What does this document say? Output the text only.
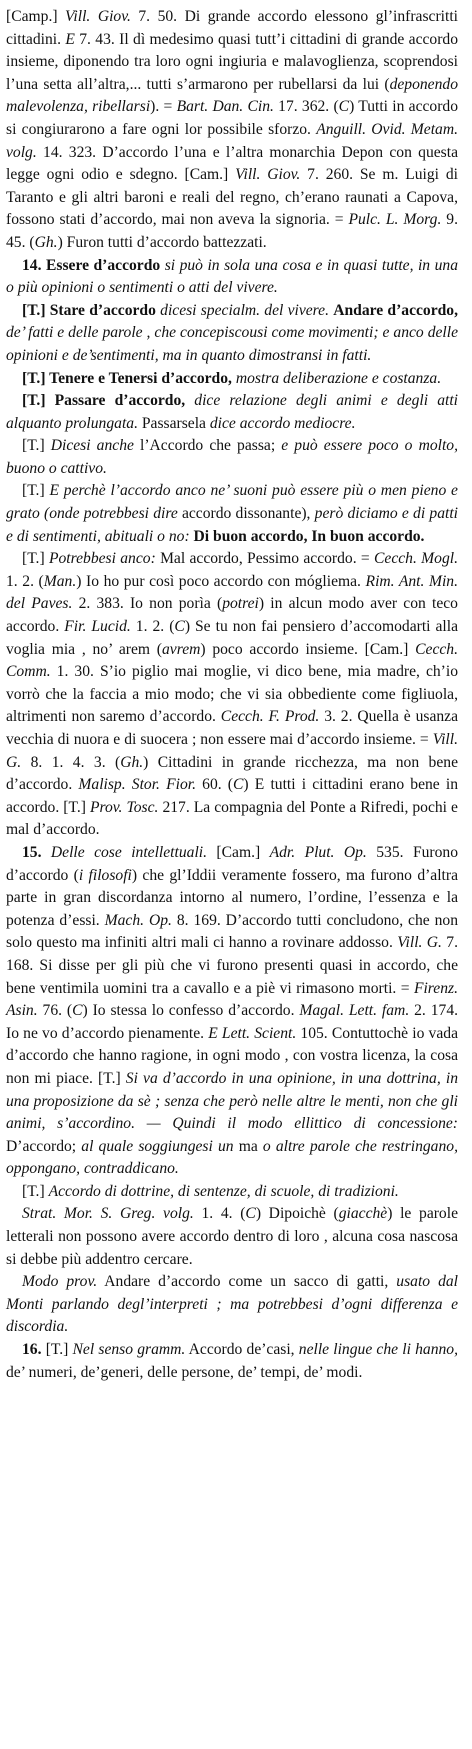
[Camp.] Vill. Giov. 7. 50. Di grande accordo elessono gl’infrascritti cittadini. E 7. 43. Il dì medesimo quasi tutt’i cittadini di grande accordo insieme, diponendo tra loro ogni ingiuria e malavoglienza, scoprendosi l’una setta all’altra,... tutti s’armarono per rubellarsi da lui (deponendo malevolenza, ribellarsi). = Bart. Dan. Cin. 17. 362. (C) Tutti in accordo si congiurarono a fare ogni lor possibile sforzo. Anguill. Ovid. Metam. volg. 14. 323. D’accordo l’una e l’altra monarchia Depon con questa legge ogni odio e sdegno. [Cam.] Vill. Giov. 7. 260. Se m. Luigi di Taranto e gli altri baroni e reali del regno, ch’erano raunati a Capova, fossono stati d’accordo, mai non aveva la signoria. = Pulc. L. Morg. 9. 45. (Gh.) Furon tutti d’accordo battezzati.

14. Essere d’accordo si può in sola una cosa e in quasi tutte, in una o più opinioni o sentimenti o atti del vivere.

[T.] Stare d’accordo dicesi specialm. del vivere. Andare d’accordo, de’ fatti e delle parole , che concepiscousi come movimenti; e anco delle opinioni e de’sentimenti, ma in quanto dimostransi in fatti.

[T.] Tenere e Tenersi d’accordo, mostra deliberazione e costanza.

[T.] Passare d’accordo, dice relazione degli animi e degli atti alquanto prolungata. Passarsela dice accordo mediocre.

[T.] Dicesi anche l’Accordo che passa; e può essere poco o molto, buono o cattivo.

[T.] E perchè l’accordo anco ne’ suoni può essere più o men pieno e grato (onde potrebbesi dire accordo dissonante), però diciamo e di patti e di sentimenti, abituali o no: Di buon accordo, In buon accordo.

[T.] Potrebbesi anco: Mal accordo, Pessimo accordo. = Cecch. Mogl. 1. 2. (Man.) Io ho pur così poco accordo con mógliema. Rim. Ant. Min. del Paves. 2. 383. Io non porìa (potrei) in alcun modo aver con teco accordo. Fir. Lucid. 1. 2. (C) Se tu non fai pensiero d’accomodarti alla voglia mia , no’ arem (avrem) poco accordo insieme. [Cam.] Cecch. Comm. 1. 30. S’io piglio mai moglie, vi dico bene, mia madre, ch’io vorrò che la faccia a mio modo; che vi sia obbediente come figliuola, altrimenti non saremo d’accordo. Cecch. F. Prod. 3. 2. Quella è usanza vecchia di nuora e di suocera ; non essere mai d’accordo insieme. = Vill. G. 8. 1. 4. 3. (Gh.) Cittadini in grande ricchezza, ma non bene d’accordo. Malisp. Stor. Fior. 60. (C) E tutti i cittadini erano bene in accordo. [T.] Prov. Tosc. 217. La compagnia del Ponte a Rifredi, pochi e mal d’accordo.

15. Delle cose intellettuali. [Cam.] Adr. Plut. Op. 535. Furono d’accordo (i filosofi) che gl’Iddii veramente fossero, ma furono d’altra parte in gran discordanza intorno al numero, l’ordine, l’essenza e la potenza d’essi. Mach. Op. 8. 169. D’accordo tutti concludono, che non solo questo ma infiniti altri mali ci hanno a rovinare addosso. Vill. G. 7. 168. Si disse per gli più che vi furono presenti quasi in accordo, che bene ventimila uomini tra a cavallo e a piè vi rimasono morti. = Firenz. Asin. 76. (C) Io stessa lo confesso d’accordo. Magal. Lett. fam. 2. 174. Io ne vo d’accordo pienamente. E Lett. Scient. 105. Contuttochè io vada d’accordo che hanno ragione, in ogni modo , con vostra licenza, la cosa non mi piace. [T.] Si va d’accordo in una opinione, in una dottrina, in una proposizione da sè ; senza che però nelle altre le menti, non che gli animi, s’accordino. — Quindi il modo ellittico di concessione: D’accordo; al quale soggiungesi un ma o altre parole che restringano, oppongano, contraddicano.

[T.] Accordo di dottrine, di sentenze, di scuole, di tradizioni.

Strat. Mor. S. Greg. volg. 1. 4. (C) Dipoichè (giacchè) le parole letterali non possono avere accordo dentro di loro , alcuna cosa nascosa si debbe più addentro cercare.

Modo prov. Andare d’accordo come un sacco di gatti, usato dal Monti parlando degl’interpreti ; ma potrebbesi d’ogni differenza e discordia.

16. [T.] Nel senso gramm. Accordo de’casi, nelle lingue che li hanno, de’ numeri, de’generi, delle persone, de’ tempi, de’ modi.
